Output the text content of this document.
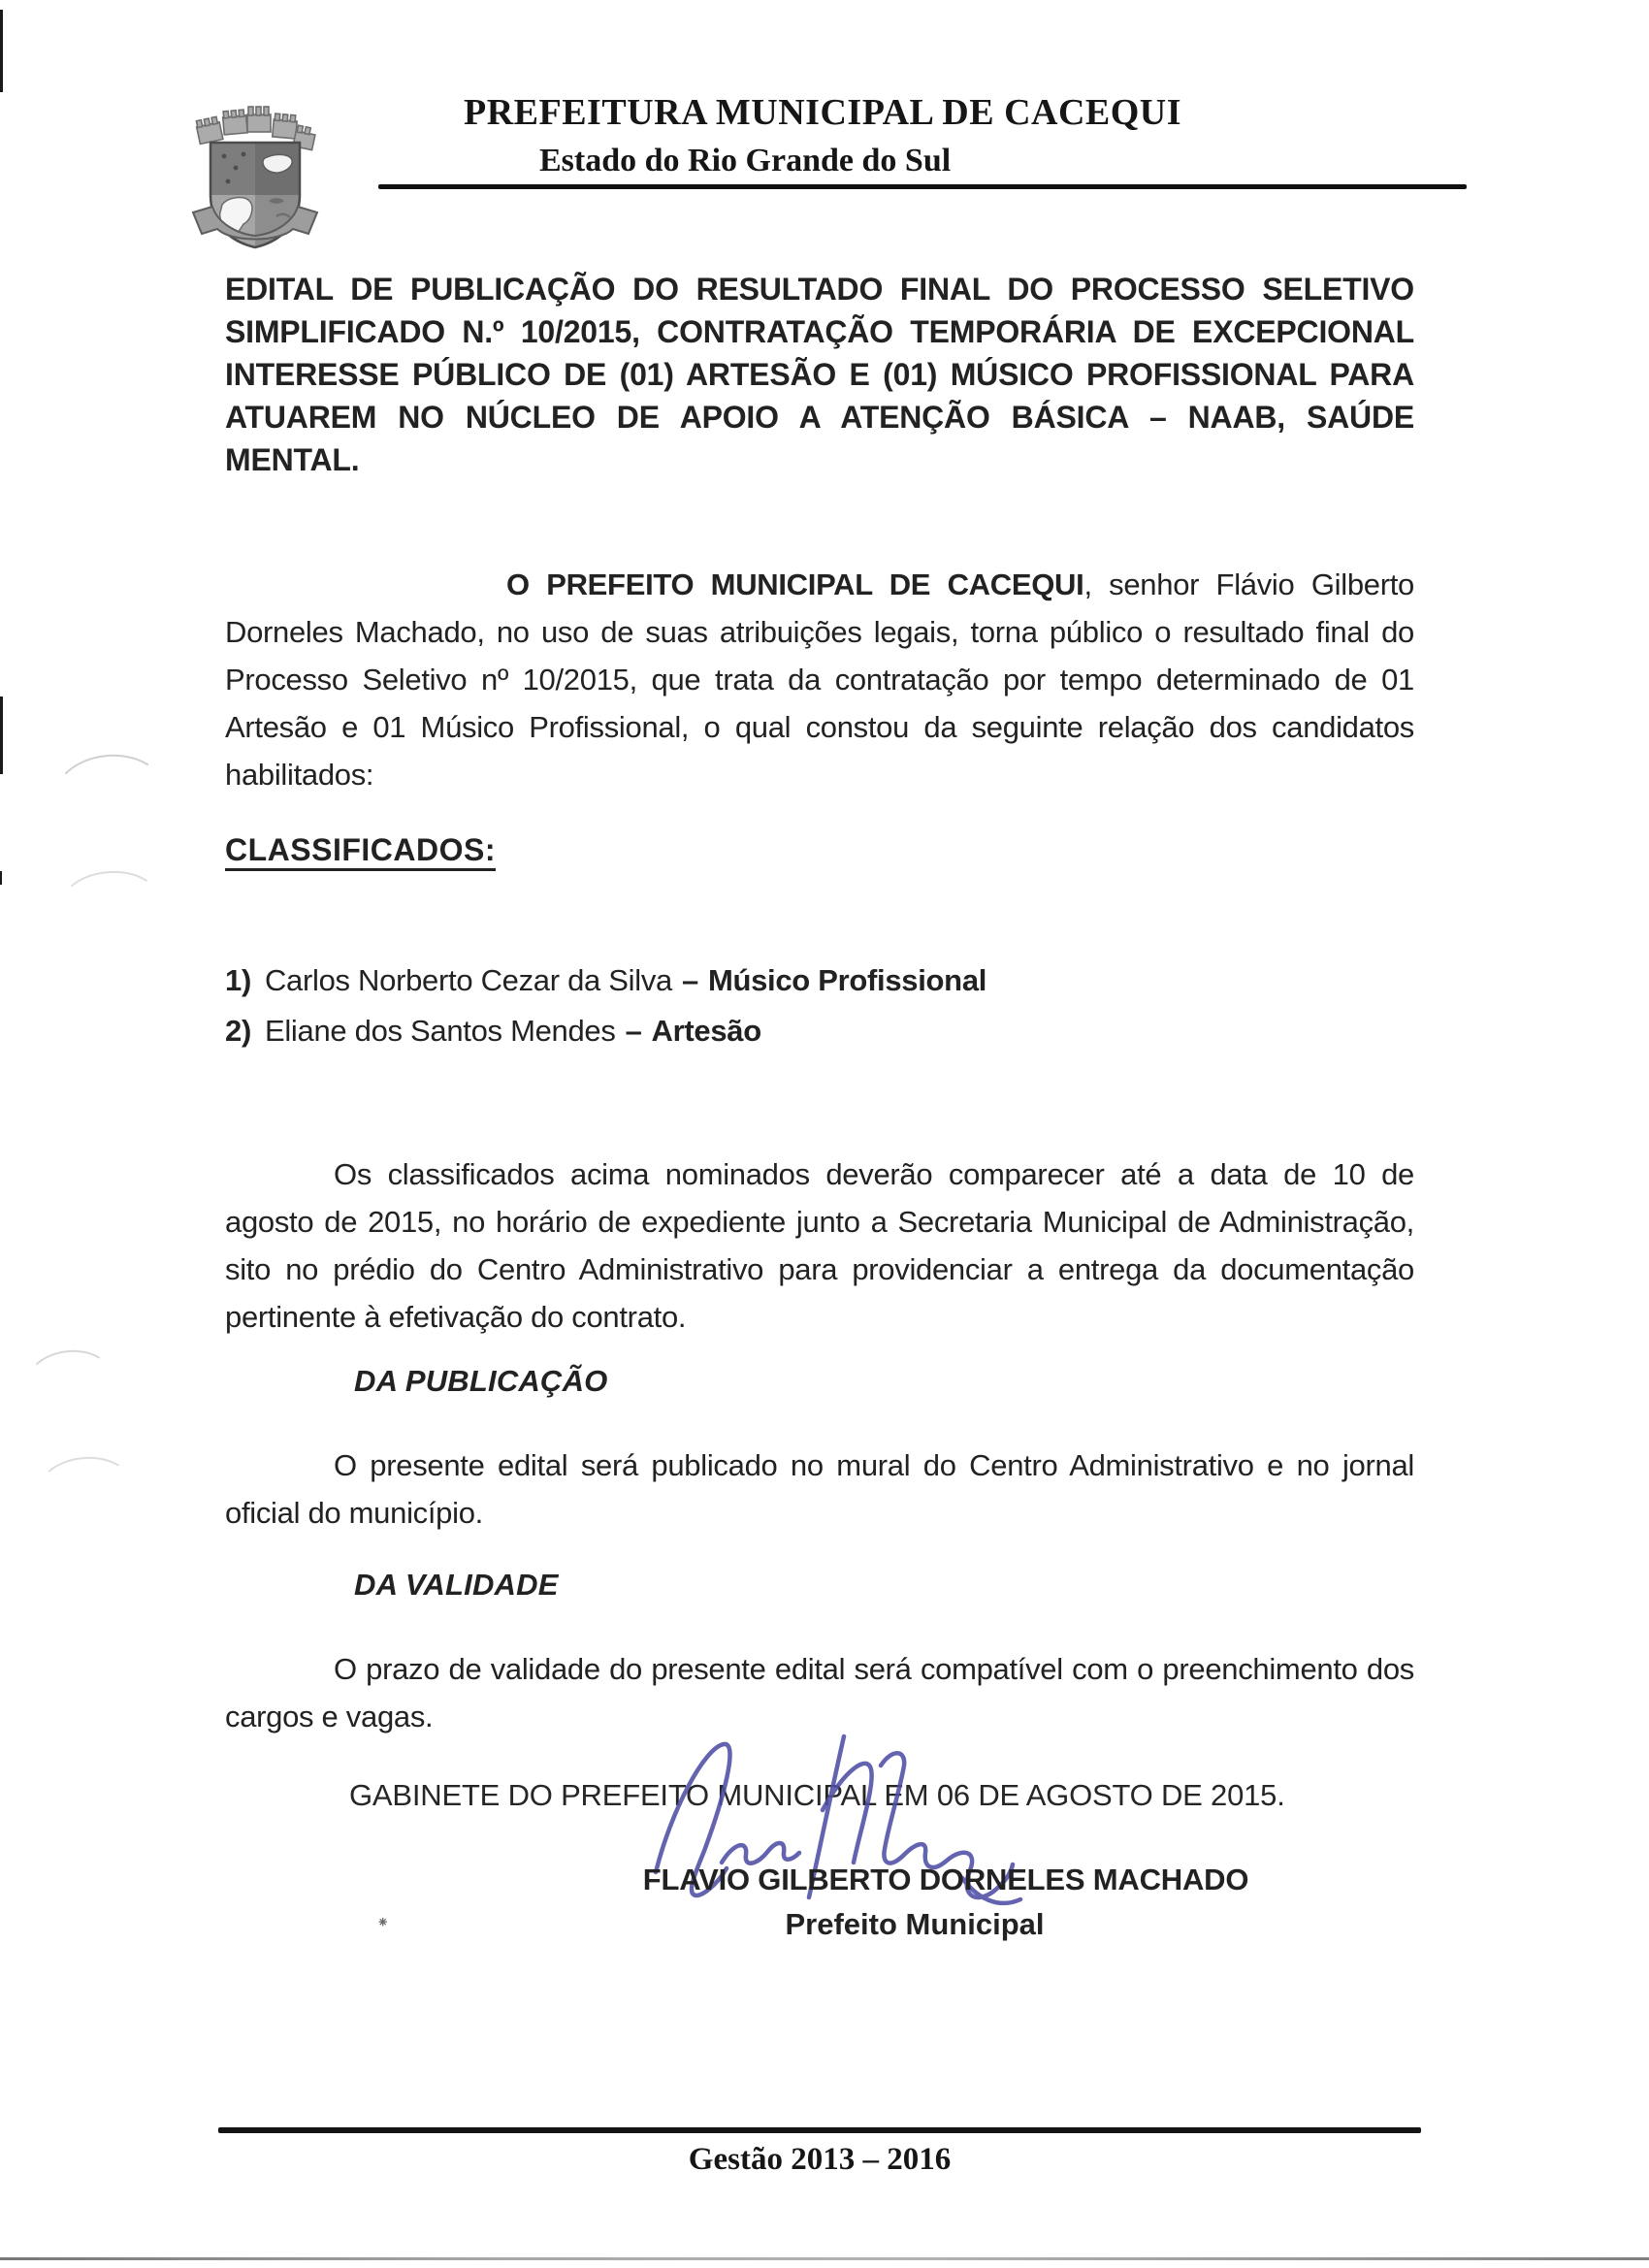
PREFEITURA MUNICIPAL DE CACEQUI
Estado do Rio Grande do Sul
EDITAL DE PUBLICAÇÃO DO RESULTADO FINAL DO PROCESSO SELETIVO SIMPLIFICADO N.º 10/2015, CONTRATAÇÃO TEMPORÁRIA DE EXCEPCIONAL INTERESSE PÚBLICO DE (01) ARTESÃO E (01) MÚSICO PROFISSIONAL PARA ATUAREM NO NÚCLEO DE APOIO A ATENÇÃO BÁSICA – NAAB, SAÚDE MENTAL.
O PREFEITO MUNICIPAL DE CACEQUI, senhor Flávio Gilberto Dorneles Machado, no uso de suas atribuições legais, torna público o resultado final do Processo Seletivo nº 10/2015, que trata da contratação por tempo determinado de 01 Artesão e 01 Músico Profissional, o qual constou da seguinte relação dos candidatos habilitados:
CLASSIFICADOS:
1) Carlos Norberto Cezar da Silva – Músico Profissional
2) Eliane dos Santos Mendes – Artesão
Os classificados acima nominados deverão comparecer até a data de 10 de agosto de 2015, no horário de expediente junto a Secretaria Municipal de Administração, sito no prédio do Centro Administrativo para providenciar a entrega da documentação pertinente à efetivação do contrato.
DA PUBLICAÇÃO
O presente edital será publicado no mural do Centro Administrativo e no jornal oficial do município.
DA VALIDADE
O prazo de validade do presente edital será compatível com o preenchimento dos cargos e vagas.
GABINETE DO PREFEITO MUNICIPAL EM 06 DE AGOSTO DE 2015.
FLAVIO GILBERTO DORNELES MACHADO
Prefeito Municipal
⁕
Gestão 2013 – 2016
